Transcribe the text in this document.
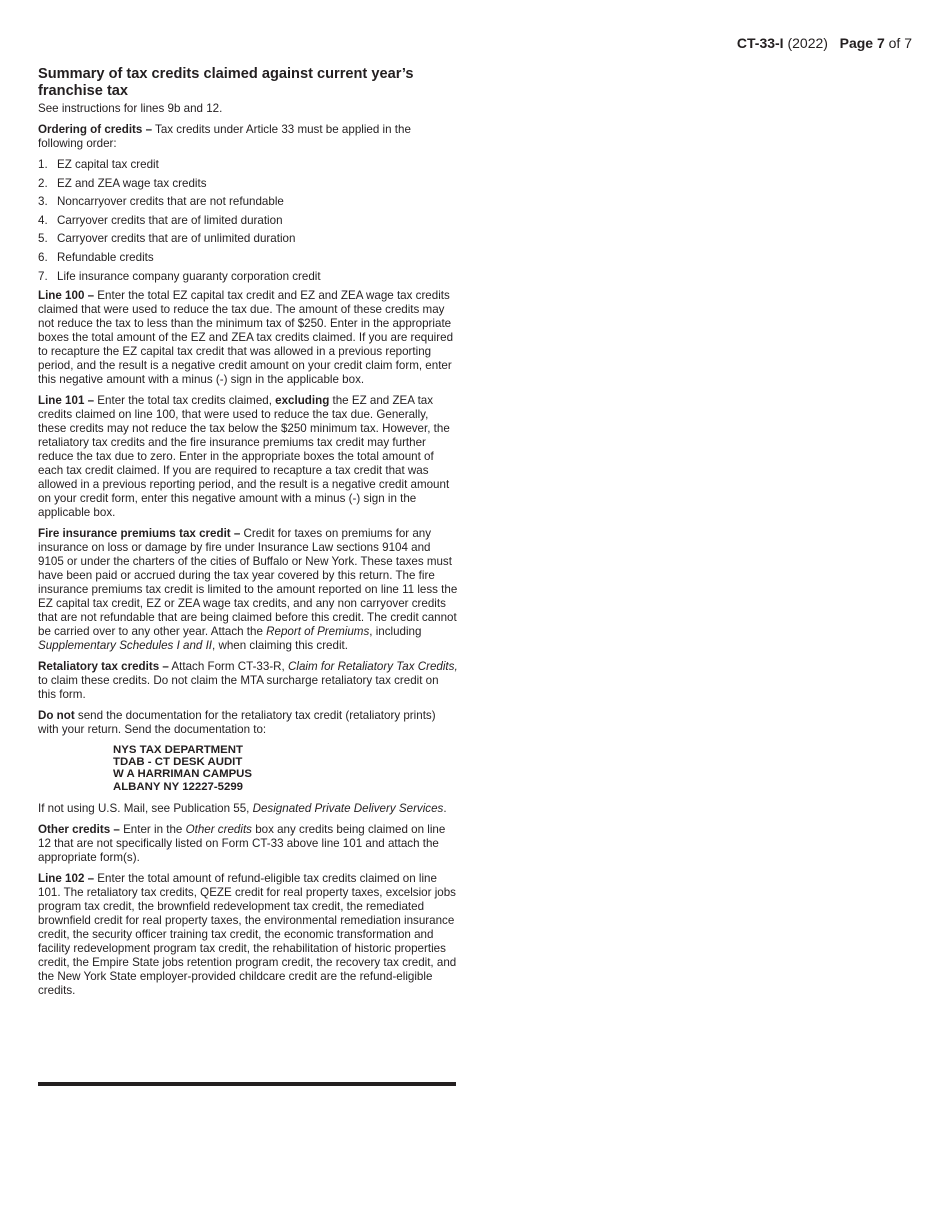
CT-33-I (2022) Page 7 of 7
Summary of tax credits claimed against current year’s franchise tax
See instructions for lines 9b and 12.

Ordering of credits – Tax credits under Article 33 must be applied in the following order:

1. EZ capital tax credit
2. EZ and ZEA wage tax credits
3. Noncarryover credits that are not refundable
4. Carryover credits that are of limited duration
5. Carryover credits that are of unlimited duration
6. Refundable credits
7. Life insurance company guaranty corporation credit

Line 100 – Enter the total EZ capital tax credit and EZ and ZEA wage tax credits claimed that were used to reduce the tax due. The amount of these credits may not reduce the tax to less than the minimum tax of $250. Enter in the appropriate boxes the total amount of the EZ and ZEA tax credits claimed. If you are required to recapture the EZ capital tax credit that was allowed in a previous reporting period, and the result is a negative credit amount on your credit claim form, enter this negative amount with a minus (-) sign in the applicable box.

Line 101 – Enter the total tax credits claimed, excluding the EZ and ZEA tax credits claimed on line 100, that were used to reduce the tax due. Generally, these credits may not reduce the tax below the $250 minimum tax. However, the retaliatory tax credits and the fire insurance premiums tax credit may further reduce the tax due to zero. Enter in the appropriate boxes the total amount of each tax credit claimed. If you are required to recapture a tax credit that was allowed in a previous reporting period, and the result is a negative credit amount on your credit form, enter this negative amount with a minus (-) sign in the applicable box.

Fire insurance premiums tax credit – Credit for taxes on premiums for any insurance on loss or damage by fire under Insurance Law sections 9104 and 9105 or under the charters of the cities of Buffalo or New York. These taxes must have been paid or accrued during the tax year covered by this return. The fire insurance premiums tax credit is limited to the amount reported on line 11 less the EZ capital tax credit, EZ or ZEA wage tax credits, and any non carryover credits that are not refundable that are being claimed before this credit. The credit cannot be carried over to any other year. Attach the Report of Premiums, including Supplementary Schedules I and II, when claiming this credit.

Retaliatory tax credits – Attach Form CT-33-R, Claim for Retaliatory Tax Credits, to claim these credits. Do not claim the MTA surcharge retaliatory tax credit on this form.

Do not send the documentation for the retaliatory tax credit (retaliatory prints) with your return. Send the documentation to:

NYS TAX DEPARTMENT
TDAB - CT DESK AUDIT
W A HARRIMAN CAMPUS
ALBANY NY 12227-5299

If not using U.S. Mail, see Publication 55, Designated Private Delivery Services.

Other credits – Enter in the Other credits box any credits being claimed on line 12 that are not specifically listed on Form CT-33 above line 101 and attach the appropriate form(s).

Line 102 – Enter the total amount of refund-eligible tax credits claimed on line 101. The retaliatory tax credits, QEZE credit for real property taxes, excelsior jobs program tax credit, the brownfield redevelopment tax credit, the remediated brownfield credit for real property taxes, the environmental remediation insurance credit, the security officer training tax credit, the economic transformation and facility redevelopment program tax credit, the rehabilitation of historic properties credit, the Empire State jobs retention program credit, the recovery tax credit, and the New York State employer-provided childcare credit are the refund-eligible credits.
